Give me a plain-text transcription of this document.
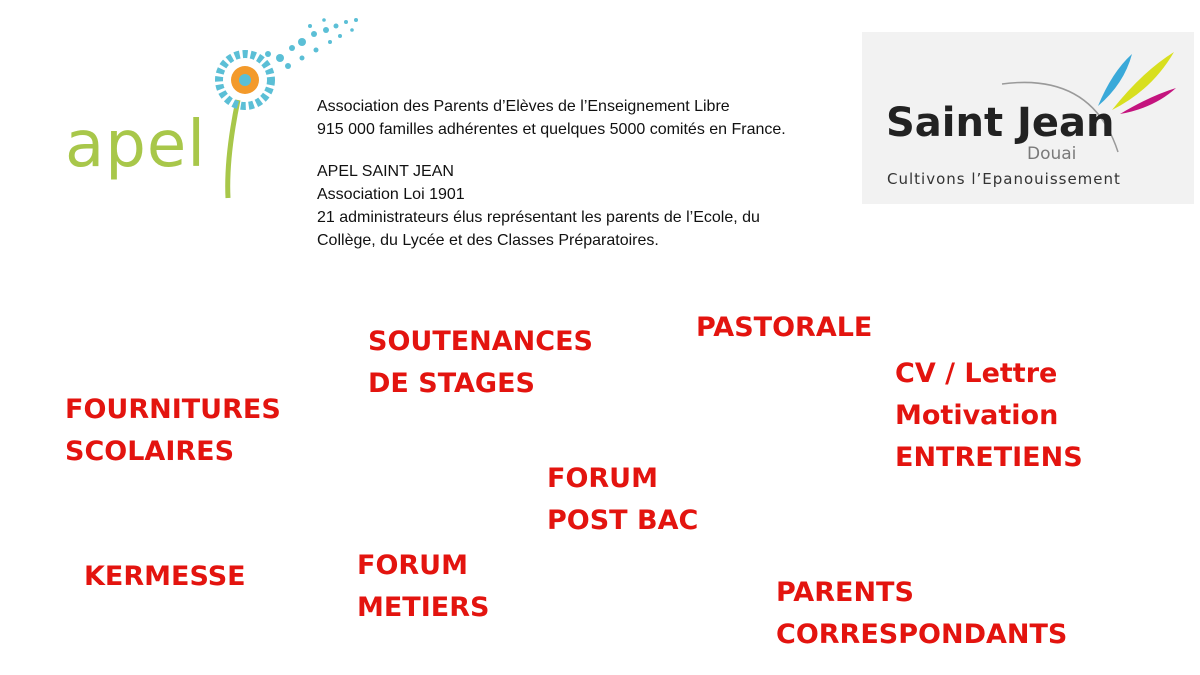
apel
Association des Parents d’Elèves de l’Enseignement Libre
915 000 familles adhérentes et quelques 5000 comités en France.
APEL SAINT JEAN
Association Loi 1901
21 administrateurs élus représentant les parents de l’Ecole, du
Collège, du Lycée et des Classes Préparatoires.
Saint Jean
Douai
Cultivons l’Epanouissement
SOUTENANCES
DE STAGES
PASTORALE
CV / Lettre
Motivation
ENTRETIENS
FOURNITURES
SCOLAIRES
FORUM
POST BAC
KERMESSE	FORUM
METIERS	PARENTS
CORRESPONDANTS
